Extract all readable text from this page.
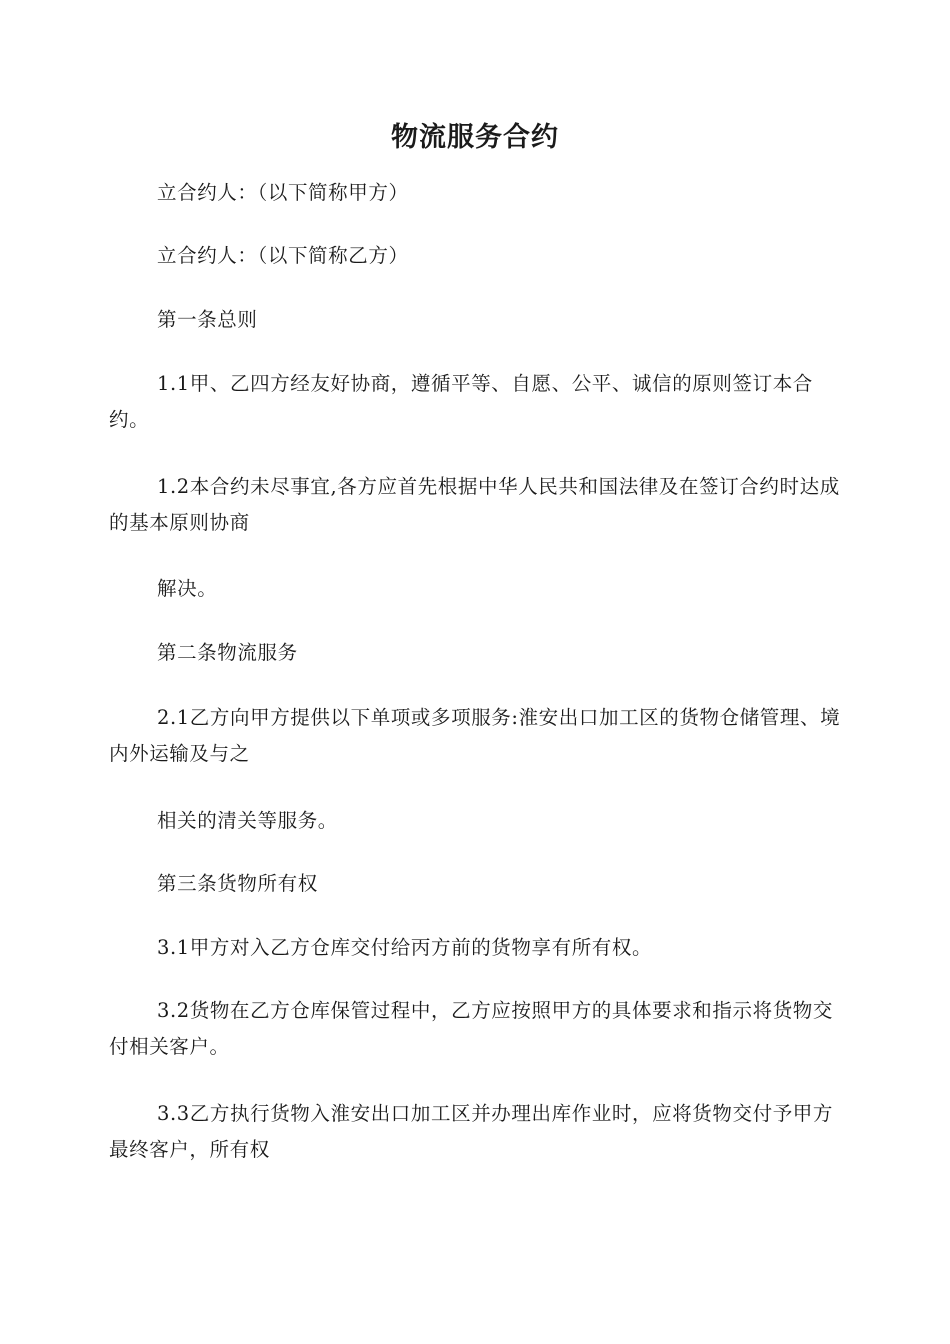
物流服务合约

立合约人：（以下简称甲方）

立合约人：（以下简称乙方）

第一条总则

1.1甲、乙四方经友好协商，遵循平等、自愿、公平、诚信的原则签订本合约。

1.2本合约未尽事宜,各方应首先根据中华人民共和国法律及在签订合约时达成的基本原则协商

解决。

第二条物流服务

2.1乙方向甲方提供以下单项或多项服务:淮安出口加工区的货物仓储管理、境内外运输及与之

相关的清关等服务。

第三条货物所有权

3.1甲方对入乙方仓库交付给丙方前的货物享有所有权。

3.2货物在乙方仓库保管过程中，乙方应按照甲方的具体要求和指示将货物交 付相关客户。

3.3乙方执行货物入淮安出口加工区并办理出库作业时，应将货物交付予甲方 最终客户，所有权
